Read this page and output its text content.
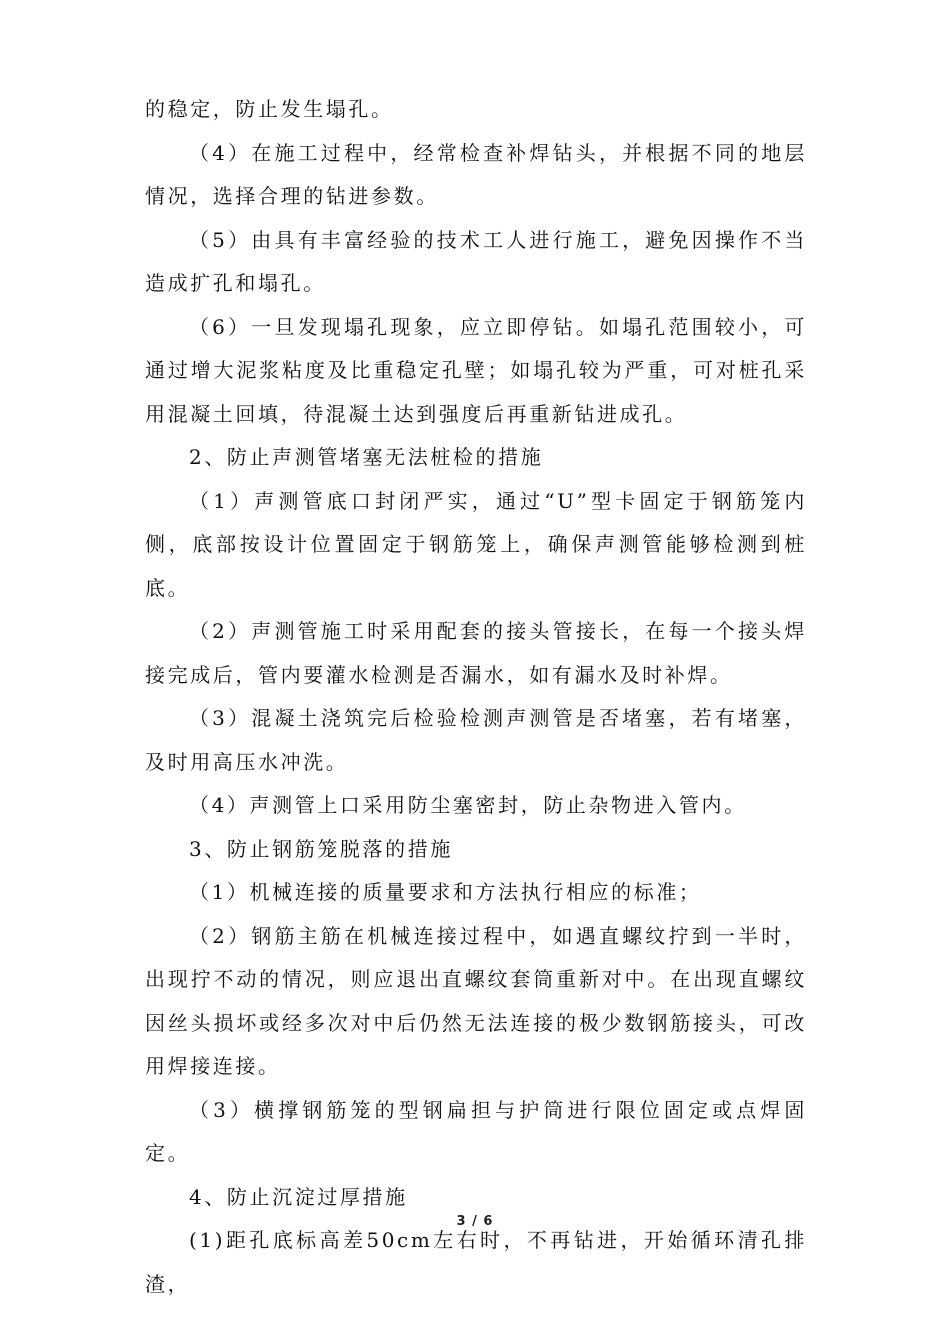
的稳定，防止发生塌孔。

（4）在施工过程中，经常检查补焊钻头，并根据不同的地层情况，选择合理的钻进参数。

（5）由具有丰富经验的技术工人进行施工，避免因操作不当造成扩孔和塌孔。

（6）一旦发现塌孔现象，应立即停钻。如塌孔范围较小，可通过增大泥浆粘度及比重稳定孔壁；如塌孔较为严重，可对桩孔采用混凝土回填，待混凝土达到强度后再重新钻进成孔。

2、防止声测管堵塞无法桩检的措施

（1）声测管底口封闭严实，通过“U”型卡固定于钢筋笼内侧，底部按设计位置固定于钢筋笼上，确保声测管能够检测到桩底。

（2）声测管施工时采用配套的接头管接长，在每一个接头焊接完成后，管内要灌水检测是否漏水，如有漏水及时补焊。

（3）混凝土浇筑完后检验检测声测管是否堵塞，若有堵塞，及时用高压水冲洗。

（4）声测管上口采用防尘塞密封，防止杂物进入管内。

3、防止钢筋笼脱落的措施

（1）机械连接的质量要求和方法执行相应的标准；

（2）钢筋主筋在机械连接过程中，如遇直螺纹拧到一半时，出现拧不动的情况，则应退出直螺纹套筒重新对中。在出现直螺纹因丝头损坏或经多次对中后仍然无法连接的极少数钢筋接头，可改用焊接连接。

（3）横撑钢筋笼的型钢扁担与护筒进行限位固定或点焊固定。

4、防止沉淀过厚措施

(1)距孔底标高差50cm左右时，不再钻进，开始循环清孔排渣，

3 / 6
